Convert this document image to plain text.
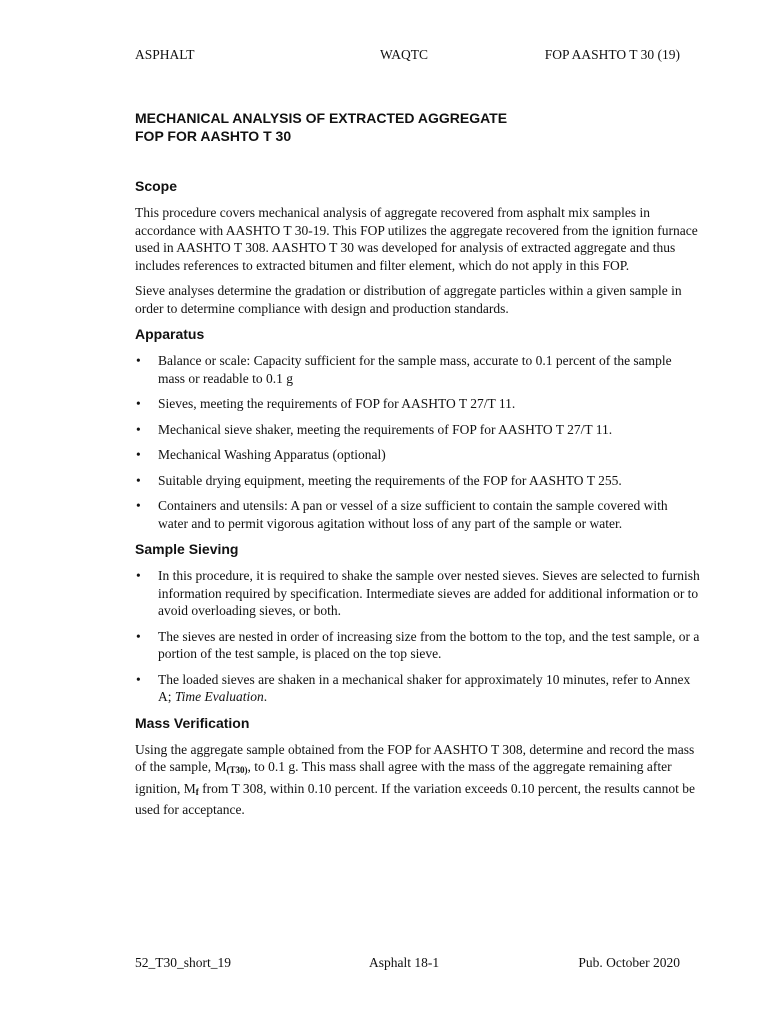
ASPHALT	WAQTC	FOP AASHTO T 30 (19)
MECHANICAL ANALYSIS OF EXTRACTED AGGREGATE
FOP FOR AASHTO T 30
Scope

This procedure covers mechanical analysis of aggregate recovered from asphalt mix samples in accordance with AASHTO T 30-19. This FOP utilizes the aggregate recovered from the ignition furnace used in AASHTO T 308. AASHTO T 30 was developed for analysis of extracted aggregate and thus includes references to extracted bitumen and filter element, which do not apply in this FOP.

Sieve analyses determine the gradation or distribution of aggregate particles within a given sample in order to determine compliance with design and production standards.

Apparatus
• Balance or scale: Capacity sufficient for the sample mass, accurate to 0.1 percent of the sample mass or readable to 0.1 g
• Sieves, meeting the requirements of FOP for AASHTO T 27/T 11.
• Mechanical sieve shaker, meeting the requirements of FOP for AASHTO T 27/T 11.
• Mechanical Washing Apparatus (optional)
• Suitable drying equipment, meeting the requirements of the FOP for AASHTO T 255.
• Containers and utensils: A pan or vessel of a size sufficient to contain the sample covered with water and to permit vigorous agitation without loss of any part of the sample or water.
Sample Sieving
• In this procedure, it is required to shake the sample over nested sieves. Sieves are selected to furnish information required by specification. Intermediate sieves are added for additional information or to avoid overloading sieves, or both.
• The sieves are nested in order of increasing size from the bottom to the top, and the test sample, or a portion of the test sample, is placed on the top sieve.
• The loaded sieves are shaken in a mechanical shaker for approximately 10 minutes, refer to Annex A; Time Evaluation.
Mass Verification

Using the aggregate sample obtained from the FOP for AASHTO T 308, determine and record the mass of the sample, $M_{(T30)}$, to 0.1 g. This mass shall agree with the mass of the aggregate remaining after ignition, $M_f$ from T 308, within 0.10 percent. If the variation exceeds 0.10 percent, the results cannot be used for acceptance.

52_T30_short_19	Asphalt 18-1	Pub. October 2020
